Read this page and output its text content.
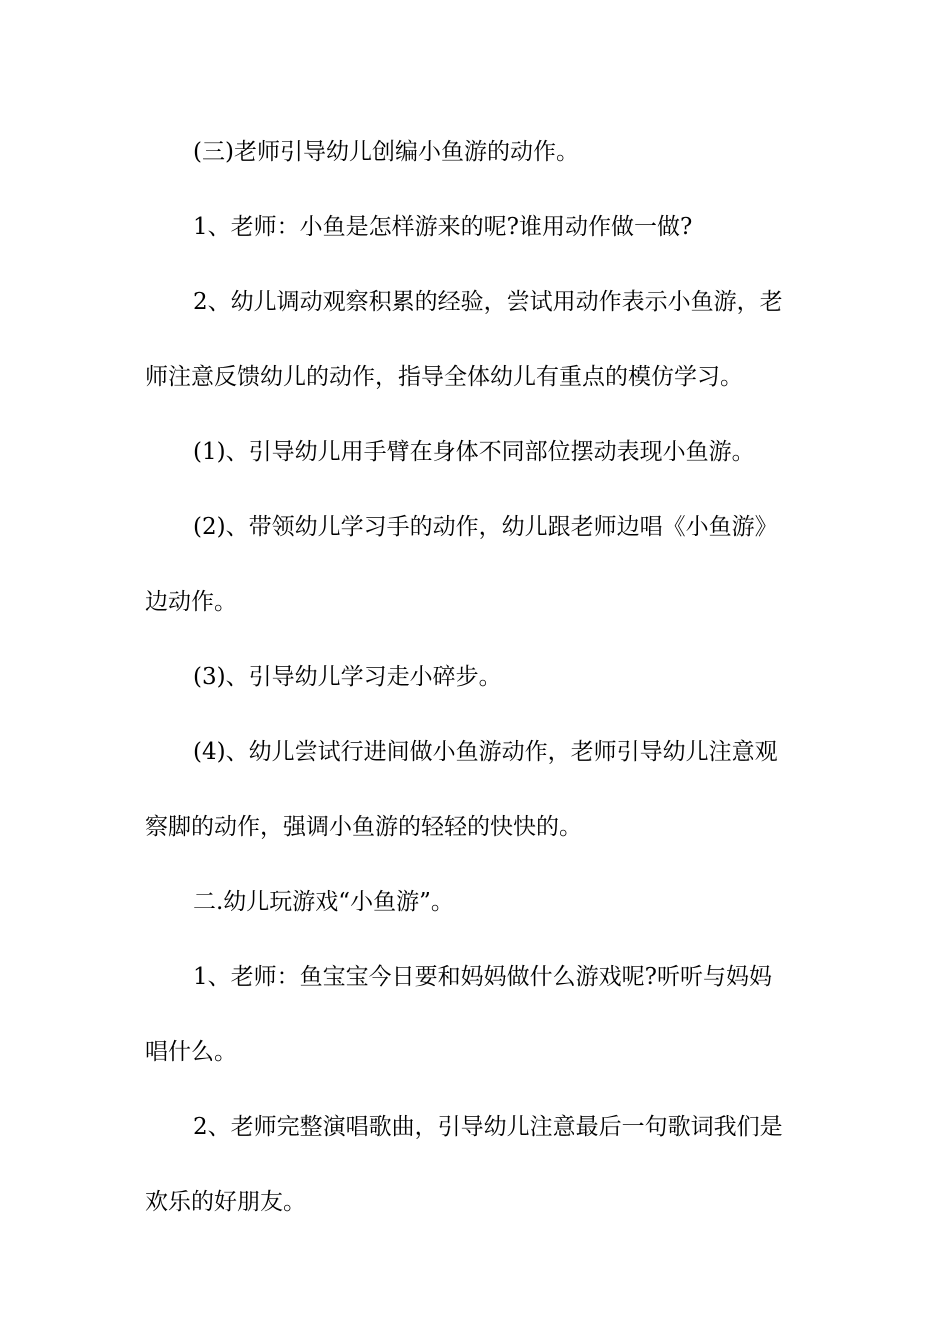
(三)老师引导幼儿创编小鱼游的动作。

1、老师：小鱼是怎样游来的呢?谁用动作做一做?

2、幼儿调动观察积累的经验，尝试用动作表示小鱼游，老

师注意反馈幼儿的动作，指导全体幼儿有重点的模仿学习。

(1)、引导幼儿用手臂在身体不同部位摆动表现小鱼游。

(2)、带领幼儿学习手的动作，幼儿跟老师边唱《小鱼游》

边动作。

(3)、引导幼儿学习走小碎步。

(4)、幼儿尝试行进间做小鱼游动作，老师引导幼儿注意观

察脚的动作，强调小鱼游的轻轻的快快的。

二.幼儿玩游戏“小鱼游”。

1、老师：鱼宝宝今日要和妈妈做什么游戏呢?听听与妈妈

唱什么。

2、老师完整演唱歌曲，引导幼儿注意最后一句歌词我们是

欢乐的好朋友。
